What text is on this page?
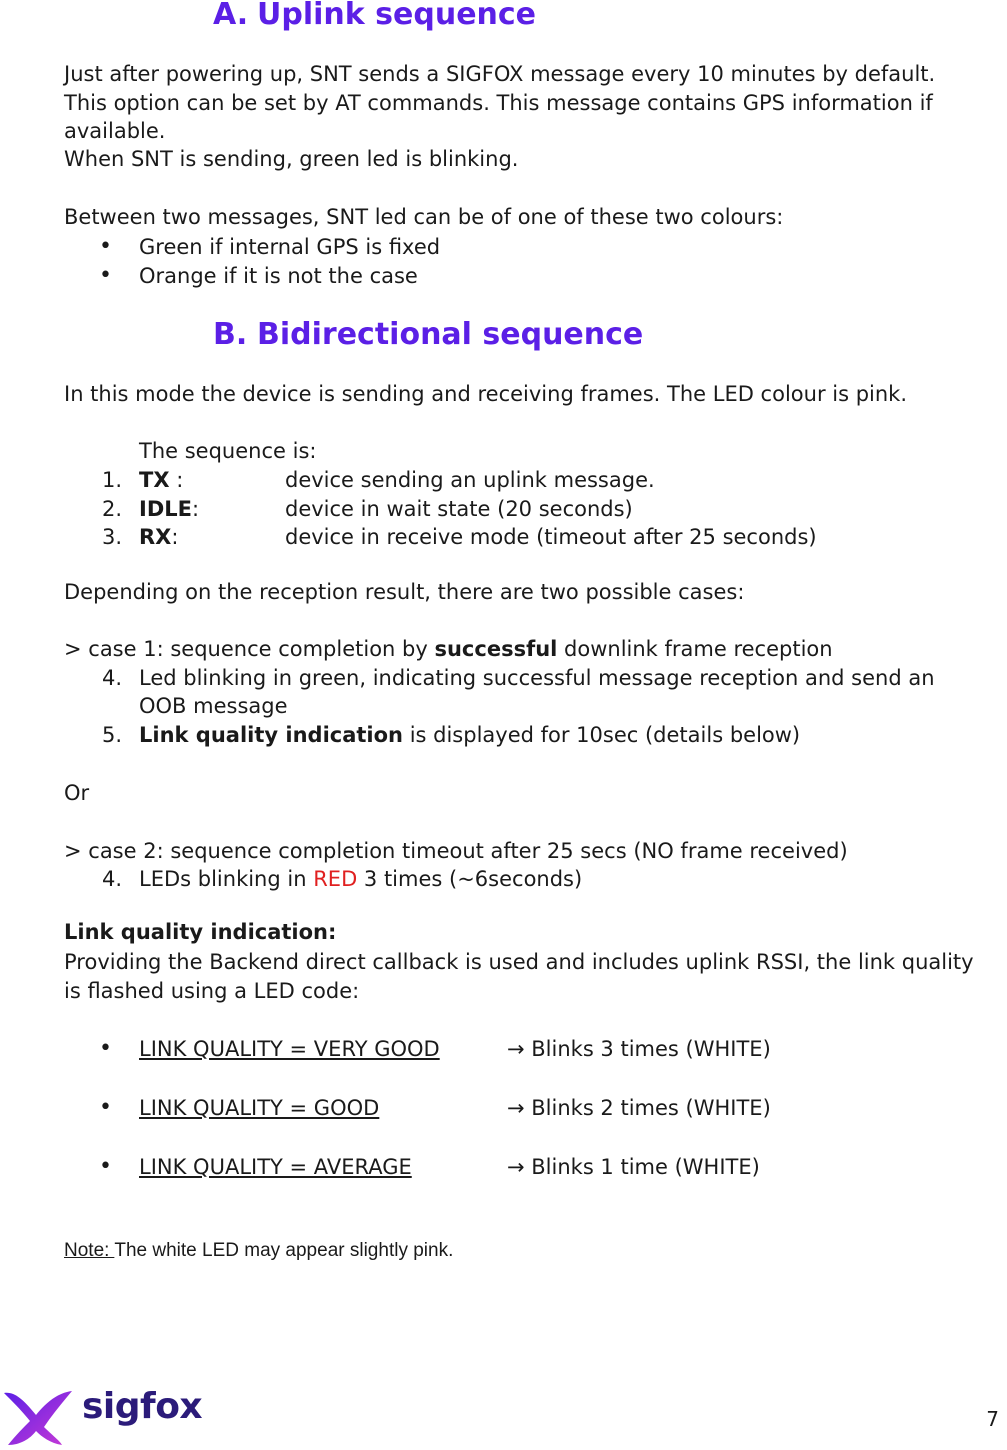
A. Uplink sequence
Just after powering up, SNT sends a SIGFOX message every 10 minutes by default.
This option can be set by AT commands. This message contains GPS information if
available.
When SNT is sending, green led is blinking.
Between two messages, SNT led can be of one of these two colours:
• Green if internal GPS is fixed
• Orange if it is not the case
B. Bidirectional sequence
In this mode the device is sending and receiving frames. The LED colour is pink.
The sequence is:
1. TX :	device sending an uplink message.
2. IDLE:	device in wait state (20 seconds)
3. RX:	device in receive mode (timeout after 25 seconds)
Depending on the reception result, there are two possible cases:
> case 1: sequence completion by successful downlink frame reception
4. Led blinking in green, indicating successful message reception and send an
OOB message
5. Link quality indication is displayed for 10sec (details below)
Or
> case 2: sequence completion timeout after 25 secs (NO frame received)
4. LEDs blinking in RED 3 times (~6seconds)
Link quality indication:
Providing the Backend direct callback is used and includes uplink RSSI, the link quality
is flashed using a LED code:
• LINK QUALITY = VERY GOOD	→ Blinks 3 times (WHITE)
• LINK QUALITY = GOOD	→ Blinks 2 times (WHITE)
• LINK QUALITY = AVERAGE	→ Blinks 1 time (WHITE)
Note: The white LED may appear slightly pink.
sigfox	7
